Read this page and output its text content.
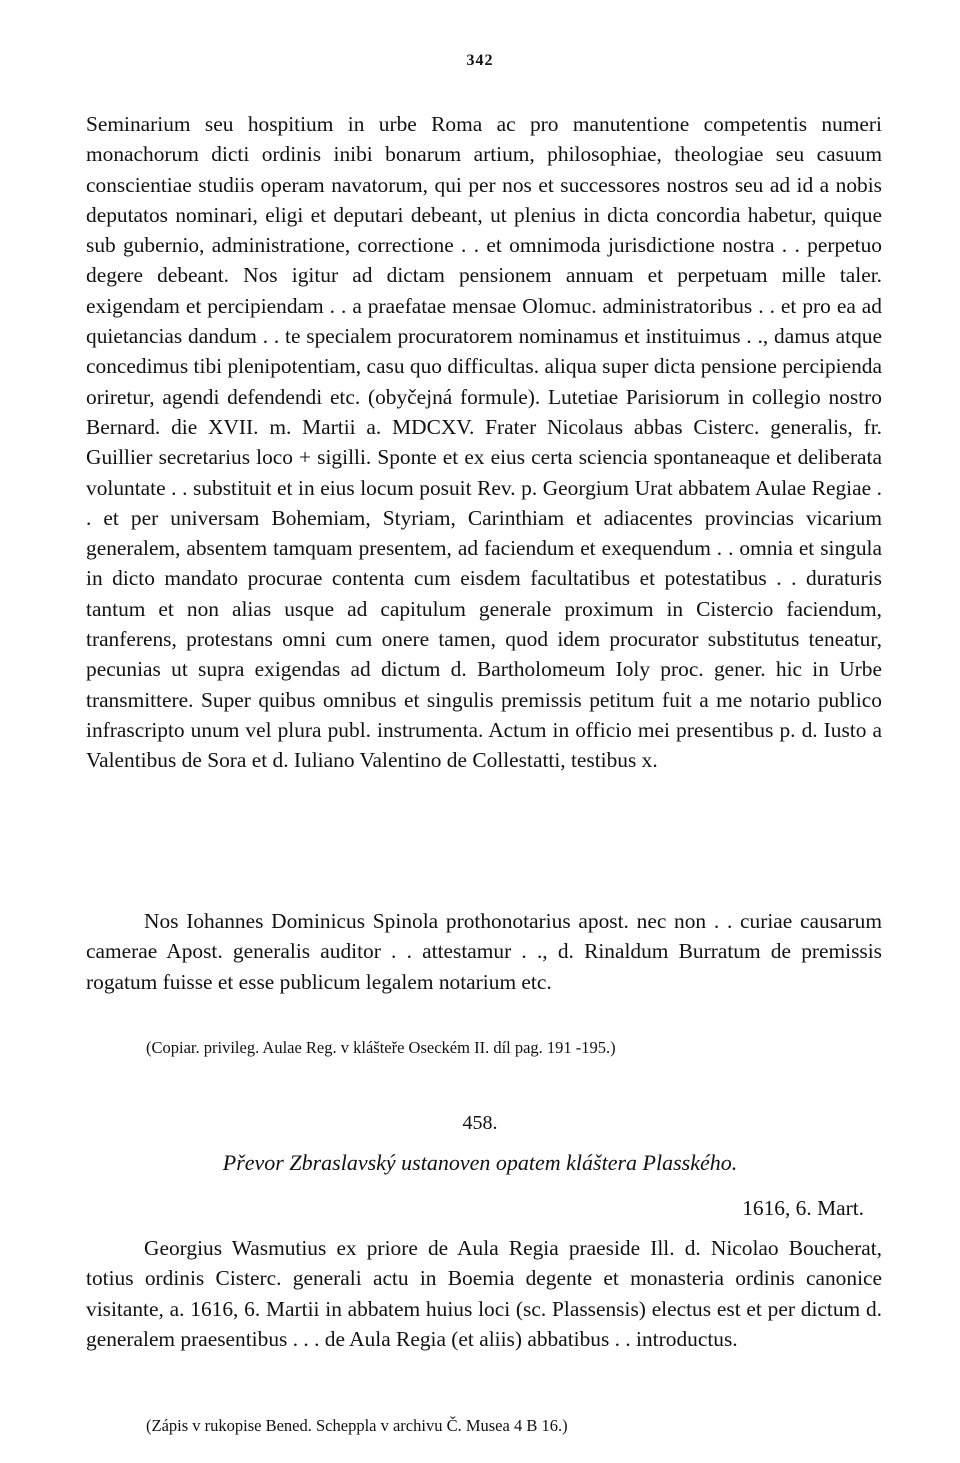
342
Seminarium seu hospitium in urbe Roma ac pro manutentione competentis numeri monachorum dicti ordinis inibi bonarum artium, philosophiae, theologiae seu casuum conscientiae studiis operam navatorum, qui per nos et successores nostros seu ad id a nobis deputatos nominari, eligi et deputari debeant, ut plenius in dicta concordia habetur, quique sub gubernio, administratione, correctione . . et omnimoda jurisdictione nostra . . perpetuo degere debeant. Nos igitur ad dictam pensionem annuam et perpetuam mille taler. exigendam et percipiendam . . a praefatae mensae Olomuc. administratoribus . . et pro ea ad quietancias dandum . . te specialem procuratorem nominamus et instituimus . ., damus atque concedimus tibi plenipotentiam, casu quo difficultas. aliqua super dicta pensione percipienda oriretur, agendi defendendi etc. (obyčejná formule). Lutetiae Parisiorum in collegio nostro Bernard. die XVII. m. Martii a. MDCXV. Frater Nicolaus abbas Cisterc. generalis, fr. Guillier secretarius loco + sigilli. Sponte et ex eius certa sciencia spontaneaque et deliberata voluntate . . substituit et in eius locum posuit Rev. p. Georgium Urat abbatem Aulae Regiae . . et per universam Bohemiam, Styriam, Carinthiam et adiacentes provincias vicarium generalem, absentem tamquam presentem, ad faciendum et exequendum . . omnia et singula in dicto mandato procurae contenta cum eisdem facultatibus et potestatibus . . duraturis tantum et non alias usque ad capitulum generale proximum in Cistercio faciendum, tranferens, protestans omni cum onere tamen, quod idem procurator substitutus teneatur, pecunias ut supra exigendas ad dictum d. Bartholomeum Ioly proc. gener. hic in Urbe transmittere. Super quibus omnibus et singulis premissis petitum fuit a me notario publico infrascripto unum vel plura publ. instrumenta. Actum in officio mei presentibus p. d. Iusto a Valentibus de Sora et d. Iuliano Valentino de Collestatti, testibus x.
Nos Iohannes Dominicus Spinola prothonotarius apost. nec non . . curiae causarum camerae Apost. generalis auditor . . attestamur . ., d. Rinaldum Burratum de premissis rogatum fuisse et esse publicum legalem notarium etc.
(Copiar. privileg. Aulae Reg. v klášteře Oseckém II. díl pag. 191 -195.)
458.
Převor Zbraslavský ustanoven opatem kláštera Plasského.
1616, 6. Mart.
Georgius Wasmutius ex priore de Aula Regia praeside Ill. d. Nicolao Boucherat, totius ordinis Cisterc. generali actu in Boemia degente et monasteria ordinis canonice visitante, a. 1616, 6. Martii in abbatem huius loci (sc. Plassensis) electus est et per dictum d. generalem praesentibus . . . de Aula Regia (et aliis) abbatibus . . introductus.
(Zápis v rukopise Bened. Scheppla v archivu Č. Musea 4 B 16.)
